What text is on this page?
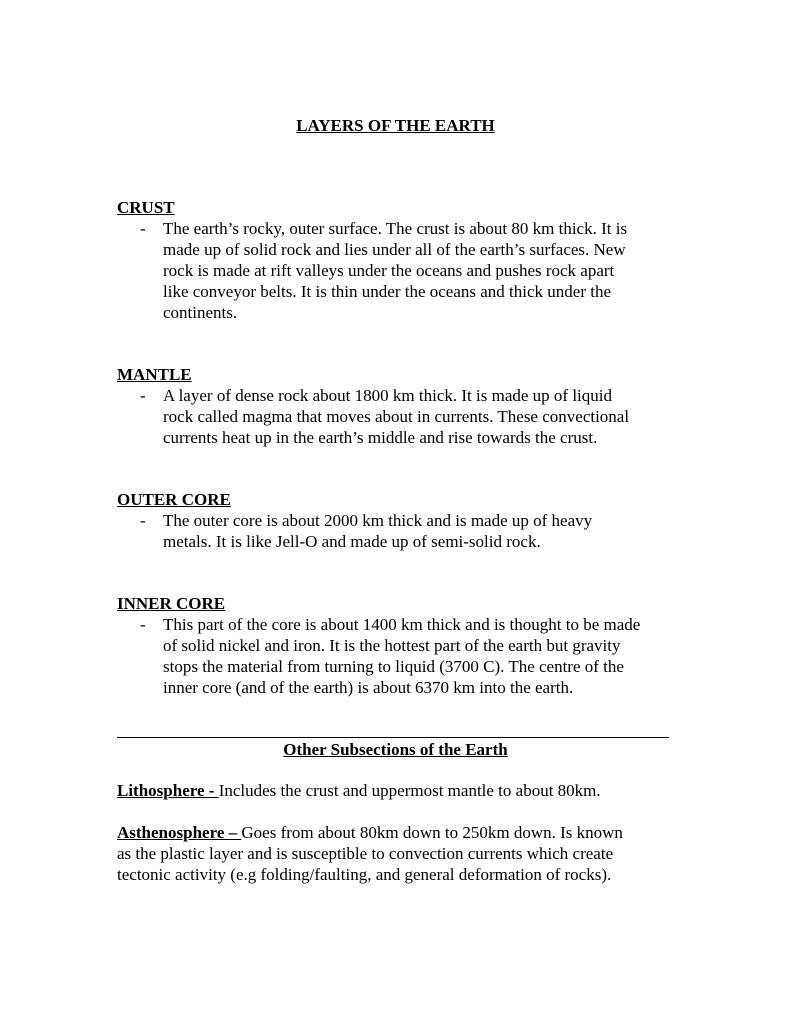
LAYERS OF THE EARTH
CRUST
- The earth’s rocky, outer surface. The crust is about 80 km thick. It is
made up of solid rock and lies under all of the earth’s surfaces. New
rock is made at rift valleys under the oceans and pushes rock apart
like conveyor belts. It is thin under the oceans and thick under the
continents.
MANTLE
- A layer of dense rock about 1800 km thick. It is made up of liquid
rock called magma that moves about in currents. These convectional
currents heat up in the earth’s middle and rise towards the crust.
OUTER CORE
- The outer core is about 2000 km thick and is made up of heavy
metals. It is like Jell-O and made up of semi-solid rock.
INNER CORE
- This part of the core is about 1400 km thick and is thought to be made
of solid nickel and iron. It is the hottest part of the earth but gravity
stops the material from turning to liquid (3700 C). The centre of the
inner core (and of the earth) is about 6370 km into the earth.
Other Subsections of the Earth

Lithosphere - Includes the crust and uppermost mantle to about 80km.

Asthenosphere – Goes from about 80km down to 250km down. Is known
as the plastic layer and is susceptible to convection currents which create
tectonic activity (e.g folding/faulting, and general deformation of rocks).
